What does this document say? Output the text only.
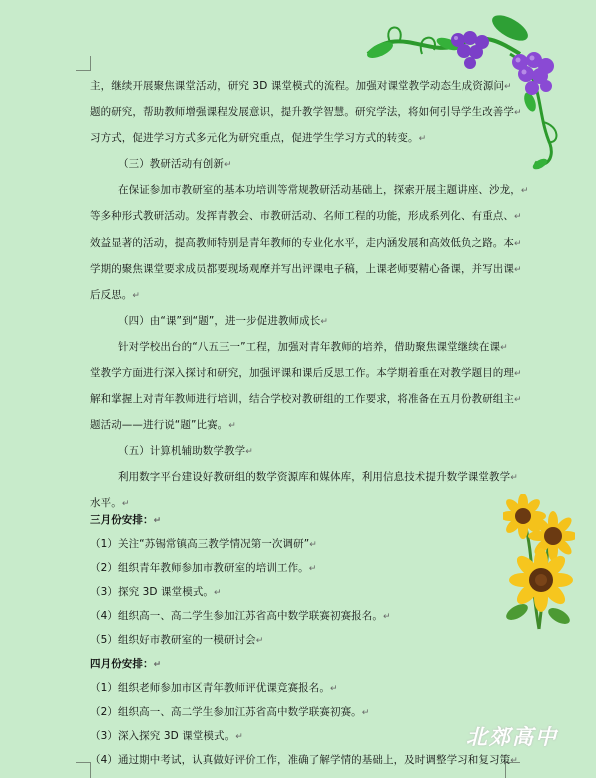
主，继续开展聚焦课堂活动，研究 3D 课堂模式的流程。加强对课堂教学动态生成资源问↵
题的研究，帮助教师增强课程发展意识，提升教学智慧。研究学法，将如何引导学生改善学↵
习方式，促进学习方式多元化为研究重点，促进学生学习方式的转变。↵
（三）教研活动有创新↵
在保证参加市教研室的基本功培训等常规教研活动基础上，探索开展主题讲座、沙龙，↵
等多种形式教研活动。发挥青教会、市教研活动、名师工程的功能，形成系列化、有重点、↵
效益显著的活动，提高教师特别是青年教师的专业化水平，走内涵发展和高效低负之路。本↵
学期的聚焦课堂要求成员都要现场观摩并写出评课电子稿，上课老师要精心备课，并写出课↵
后反思。↵
（四）由“课”到“题”，进一步促进教师成长↵
针对学校出台的“八五三一”工程，加强对青年教师的培养，借助聚焦课堂继续在课↵
堂教学方面进行深入探讨和研究，加强评课和课后反思工作。本学期着重在对教学题目的理↵
解和掌握上对青年教师进行培训，结合学校对教研组的工作要求，将准备在五月份教研组主↵
题活动——进行说“题”比赛。↵
（五）计算机辅助数学教学↵
利用数字平台建设好教研组的数学资源库和媒体库，利用信息技术提升数学课堂教学↵
水平。↵
三月份安排：↵
（1）关注“苏锡常镇高三教学情况第一次调研”↵
（2）组织青年教师参加市教研室的培训工作。↵
（3）探究 3D 课堂模式。↵
（4）组织高一、高二学生参加江苏省高中数学联赛初赛报名。↵
（5）组织好市教研室的一模研讨会↵
四月份安排：↵
（1）组织老师参加市区青年教师评优课竞赛报名。↵
（2）组织高一、高二学生参加江苏省高中数学联赛初赛。↵
（3）深入探究 3D 课堂模式。↵
（4）通过期中考试，认真做好评价工作，准确了解学情的基础上，及时调整学习和复习策↵
北郊高中
